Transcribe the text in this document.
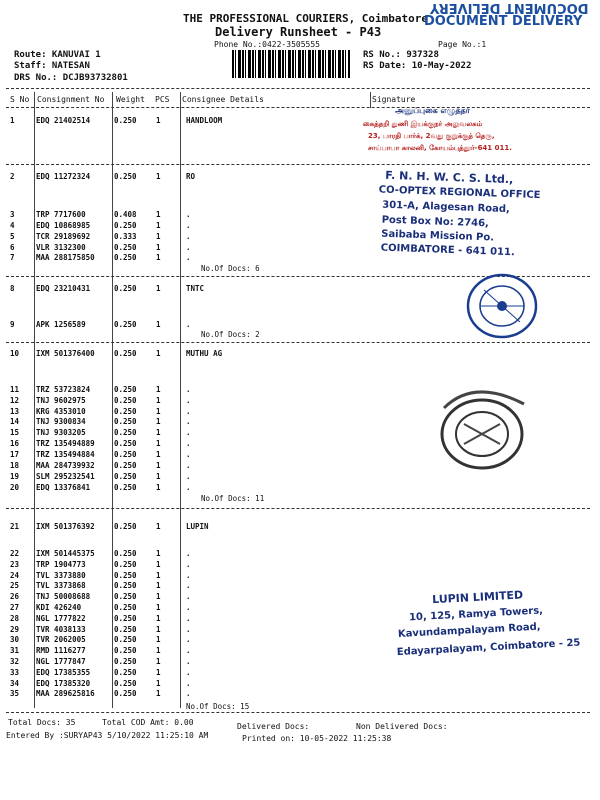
THE PROFESSIONAL COURIERS, Coimbatore
Delivery Runsheet - P43
Phone No.:0422-3505555	Page No.:1
Route: KANUVAI 1
Staff: NATESAN
DRS No.: DCJB93732801
RS No.: 937328
RS Date: 10-May-2022
DOCUMENT DELIVERY
DOCUMENT DELIVERY
S No Consignment No Weight PCS Consignee Details	Signature
1	EDQ 21402514	0.250	1	HANDLOOM
2	EDQ 11272324	0.250	1	RO
3	TRP 7717600	0.408	1	.
4	EDQ 10868985	0.250	1	.
5	TCR 29189692	0.333	1	.
6	VLR 3132300	0.250	1	.
7	MAA 288175850	0.250	1	.
8	EDQ 23210431	0.250	1	TNTC
9	APK 1256589	0.250	1	.
10 IXM 501376400	0.250	1	MUTHU AG
11 TRZ 53723824	0.250	1	.
12 TNJ 9602975	0.250	1	.
13 KRG 4353010	0.250	1	.
14 TNJ 9300834	0.250	1	.
15 TNJ 9303205	0.250	1	.
16 TRZ 135494889	0.250	1	.
17 TRZ 135494884	0.250	1	.
18 MAA 284739932	0.250	1	.
19 SLM 295232541	0.250	1	.
20 EDQ 13376841	0.250	1	.
21 IXM 501376392	0.250	1	LUPIN
22 IXM 501445375	0.250	1	.
23 TRP 1904773	0.250	1	.
24 TVL 3373880	0.250	1	.
25 TVL 3373868	0.250	1	.
26 TNJ 50008688	0.250	1	.
27 KDI 426240	0.250	1	.
28 NGL 1777822	0.250	1	.
29 TVR 4038133	0.250	1	.
30 TVR 2062005	0.250	1	.
31 RMD 1116277	0.250	1	.
32 NGL 1777847	0.250	1	.
33 EDQ 17385355	0.250	1	.
34 EDQ 17385320	0.250	1	.
35 MAA 289625816	0.250	1	.
No.Of Docs: 6
No.Of Docs: 2
No.Of Docs: 11
No.Of Docs: 15
அனுப்புகை எழுத்தர்
கைத்தறி துணி இயக்குநர் அலுவலகம்
23, பாரதி பார்க், 2வது குறுக்குத் தெரு,
சாய்பாபா காலனி, கோயம்புத்தூர்-641 011.
F. N. H. W. C. S. Ltd.,
CO-OPTEX REGIONAL OFFICE
301-A, Alagesan Road,
Post Box No: 2746,
Saibaba Mission Po.
COIMBATORE - 641 011.
LUPIN LIMITED
10, 125, Ramya Towers,
Kavundampalayam Road,
Edayarpalayam, Coimbatore - 25
Total Docs: 35	Total COD Amt: 0.00	Delivered Docs:	Non Delivered Docs:
Entered By :SURYAP43 5/10/2022 11:25:10 AM	Printed on: 10-05-2022 11:25:38
